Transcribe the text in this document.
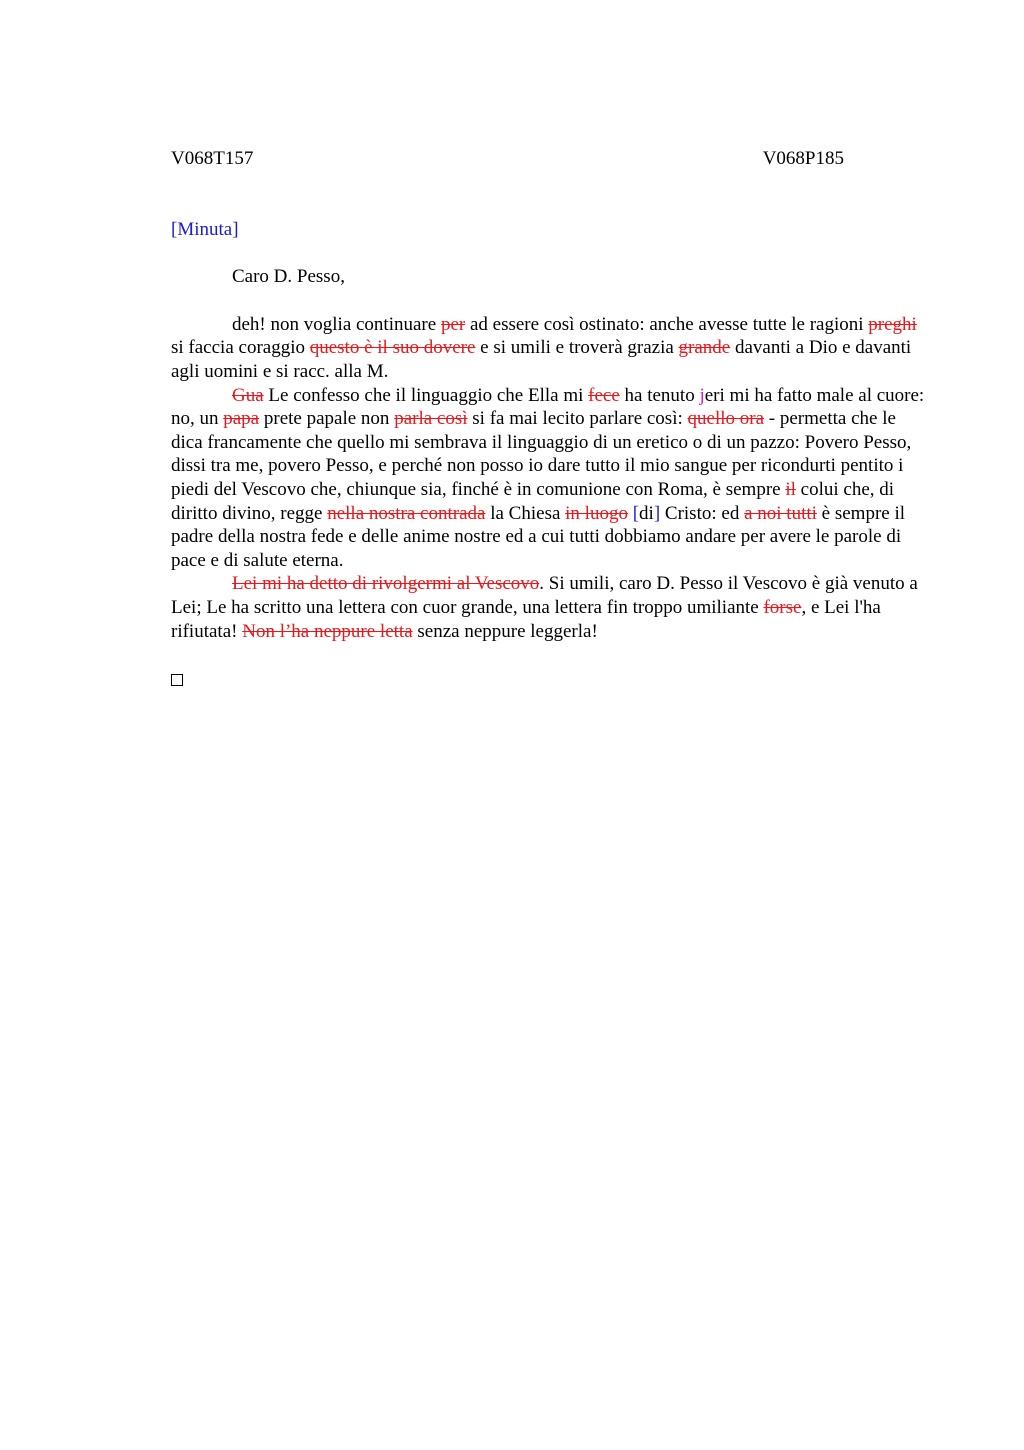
V068T157	V068P185

[Minuta]

Caro D. Pesso,

deh! non voglia continuare per ad essere così ostinato: anche avesse tutte le ragioni preghi si faccia coraggio questo è il suo dovere e si umili e troverà grazia grande davanti a Dio e davanti agli uomini e si racc. alla M.

Gua Le confesso che il linguaggio che Ella mi fece ha tenuto jeri mi ha fatto male al cuore: no, un papa prete papale non parla così si fa mai lecito parlare così: quello ora - permetta che le dica francamente che quello mi sembrava il linguaggio di un eretico o di un pazzo: Povero Pesso, dissi tra me, povero Pesso, e perché non posso io dare tutto il mio sangue per ricondurti pentito i piedi del Vescovo che, chiunque sia, finché è in comunione con Roma, è sempre il colui che, di diritto divino, regge nella nostra contrada la Chiesa in luogo [di] Cristo: ed a noi tutti è sempre il padre della nostra fede e delle anime nostre ed a cui tutti dobbiamo andare per avere le parole di pace e di salute eterna.

Lei mi ha detto di rivolgermi al Vescovo. Si umili, caro D. Pesso il Vescovo è già venuto a Lei; Le ha scritto una lettera con cuor grande, una lettera fin troppo umiliante forse, e Lei l'ha rifiutata! Non l’ha neppure letta senza neppure leggerla!
